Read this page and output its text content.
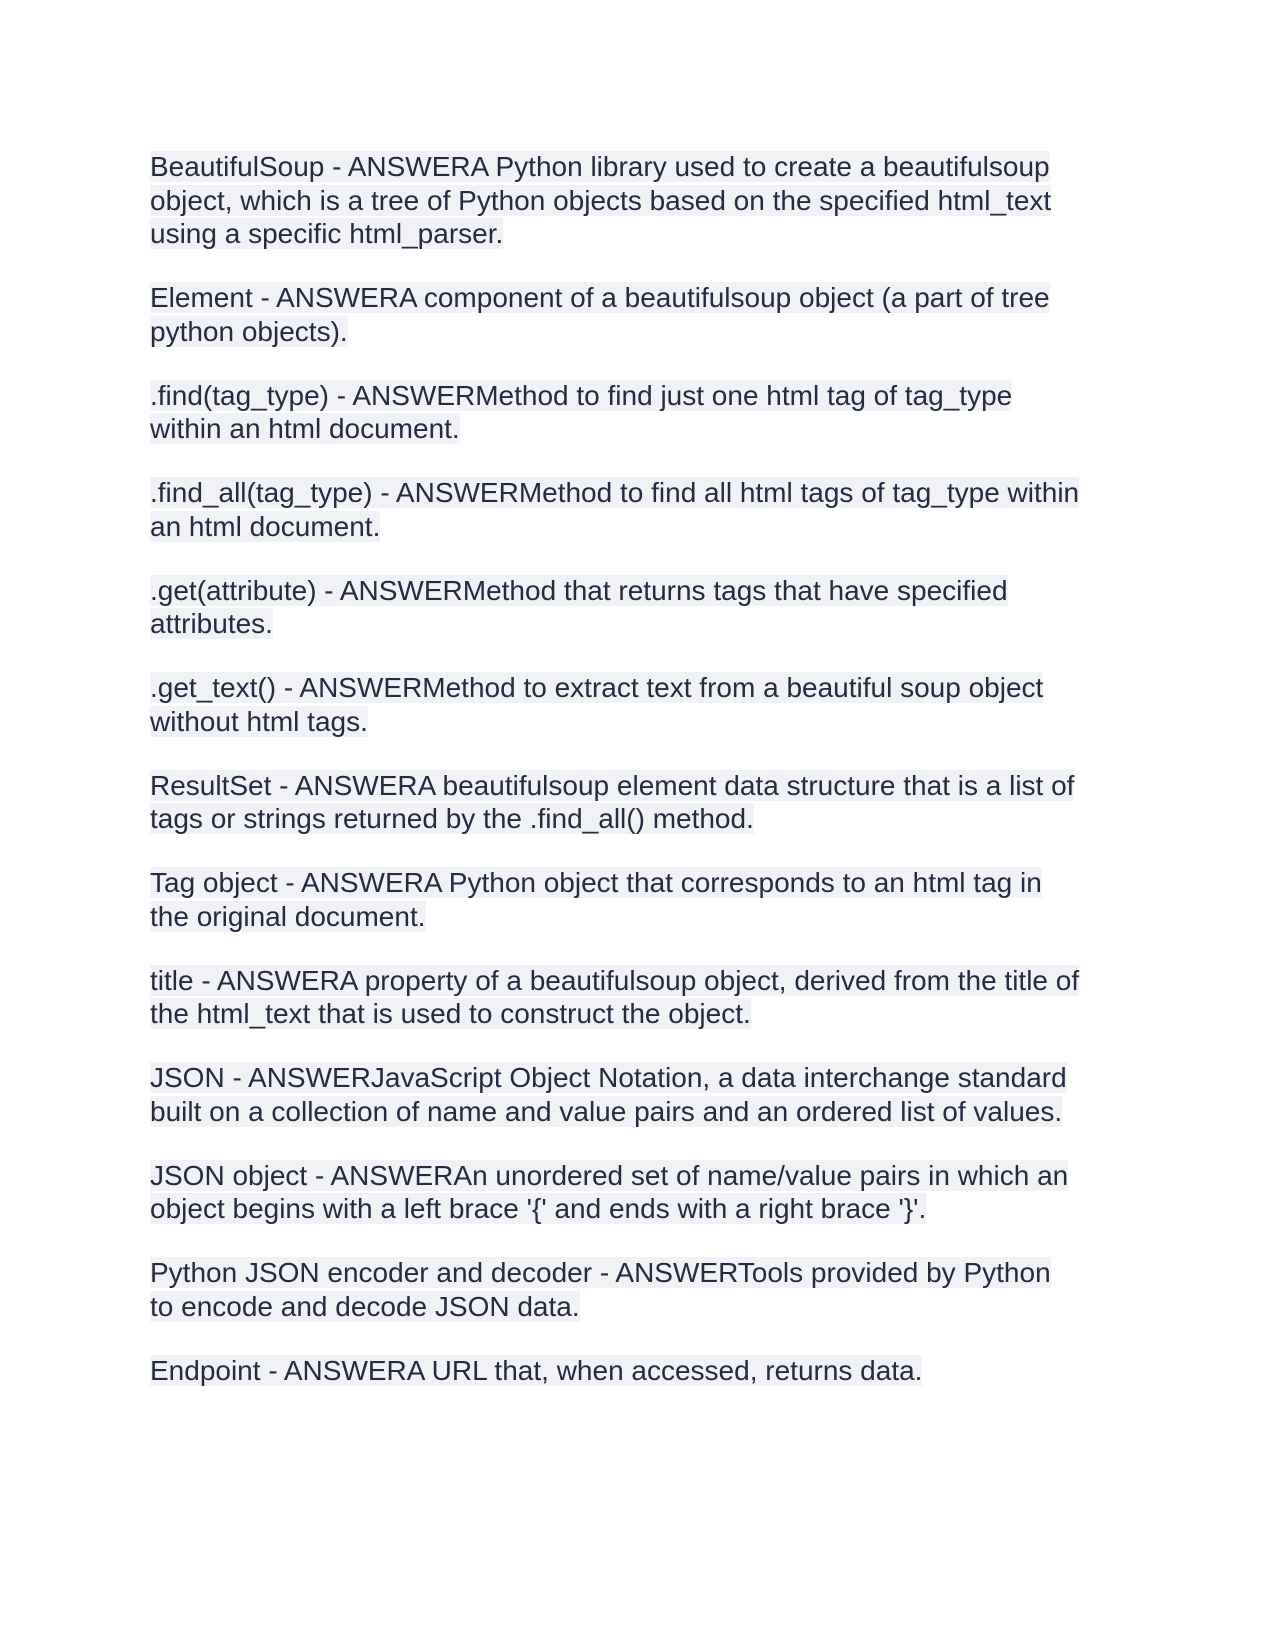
BeautifulSoup - ANSWERA Python library used to create a beautifulsoup
object, which is a tree of Python objects based on the specified html_text
using a specific html_parser.
Element - ANSWERA component of a beautifulsoup object (a part of tree
python objects).
.find(tag_type) - ANSWERMethod to find just one html tag of tag_type
within an html document.
.find_all(tag_type) - ANSWERMethod to find all html tags of tag_type within
an html document.
.get(attribute) - ANSWERMethod that returns tags that have specified
attributes.
.get_text() - ANSWERMethod to extract text from a beautiful soup object
without html tags.
ResultSet - ANSWERA beautifulsoup element data structure that is a list of
tags or strings returned by the .find_all() method.
Tag object - ANSWERA Python object that corresponds to an html tag in
the original document.
title - ANSWERA property of a beautifulsoup object, derived from the title of
the html_text that is used to construct the object.
JSON - ANSWERJavaScript Object Notation, a data interchange standard
built on a collection of name and value pairs and an ordered list of values.
JSON object - ANSWERAn unordered set of name/value pairs in which an
object begins with a left brace '{' and ends with a right brace '}'.
Python JSON encoder and decoder - ANSWERTools provided by Python
to encode and decode JSON data.
Endpoint - ANSWERA URL that, when accessed, returns data.
